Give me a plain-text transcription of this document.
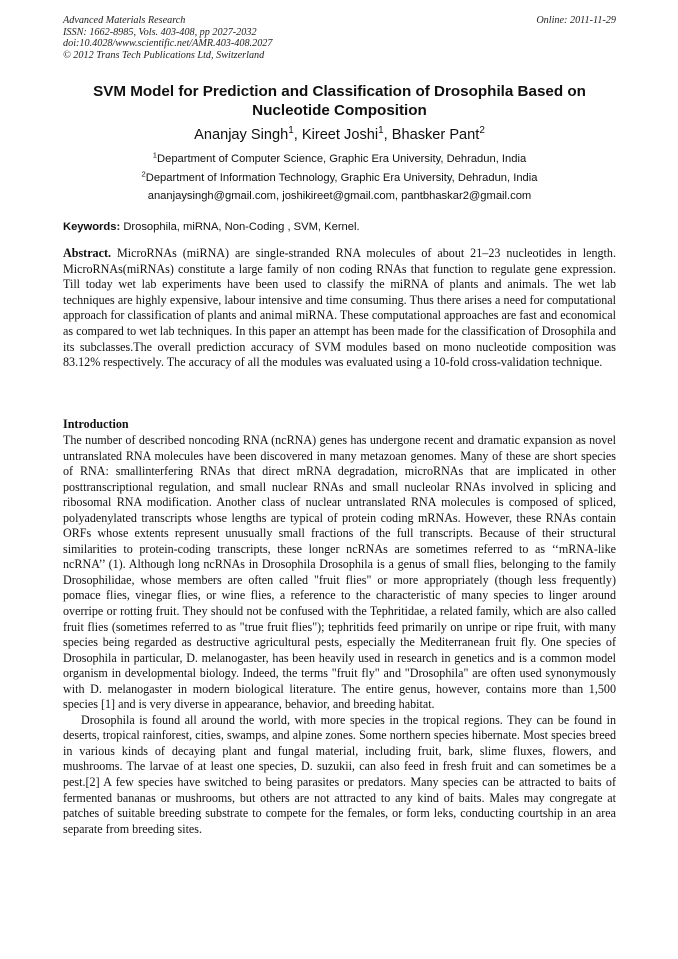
Advanced Materials Research
ISSN: 1662-8985, Vols. 403-408, pp 2027-2032
doi:10.4028/www.scientific.net/AMR.403-408.2027
© 2012 Trans Tech Publications Ltd, Switzerland
Online: 2011-11-29
SVM Model for Prediction and Classification of Drosophila Based on Nucleotide Composition
Ananjay Singh$^1$, Kireet Joshi$^1$, Bhasker Pant$^2$
$^1$Department of Computer Science, Graphic Era University, Dehradun, India
$^2$Department of Information Technology, Graphic Era University, Dehradun, India
ananjaysingh@gmail.com, joshikireet@gmail.com, pantbhaskar2@gmail.com
Keywords: Drosophila, miRNA, Non-Coding , SVM, Kernel.
Abstract. MicroRNAs (miRNA) are single-stranded RNA molecules of about 21–23 nucleotides in length. MicroRNAs(miRNAs) constitute a large family of non coding RNAs that function to regulate gene expression. Till today wet lab experiments have been used to classify the miRNA of plants and animals. The wet lab techniques are highly expensive, labour intensive and time consuming. Thus there arises a need for computational approach for classification of plants and animal miRNA. These computational approaches are fast and economical as compared to wet lab techniques. In this paper an attempt has been made for the classification of Drosophila and its subclasses.The overall prediction accuracy of SVM modules based on mono nucleotide composition was 83.12% respectively. The accuracy of all the modules was evaluated using a 10-fold cross-validation technique.
Introduction

The number of described noncoding RNA (ncRNA) genes has undergone recent and dramatic expansion as novel untranslated RNA molecules have been discovered in many metazoan genomes. Many of these are short species of RNA: smallinterfering RNAs that direct mRNA degradation, microRNAs that are implicated in other posttranscriptional regulation, and small nuclear RNAs and small nucleolar RNAs involved in splicing and ribosomal RNA modification. Another class of nuclear untranslated RNA molecules is composed of spliced, polyadenylated transcripts whose lengths are typical of protein coding mRNAs. However, these RNAs contain ORFs whose extents represent unusually small fractions of the full transcripts. Because of their structural similarities to protein-coding transcripts, these longer ncRNAs are sometimes referred to as ‘‘mRNA-like ncRNA’’ (1). Although long ncRNAs in Drosophila Drosophila is a genus of small flies, belonging to the family Drosophilidae, whose members are often called "fruit flies" or more appropriately (though less frequently) pomace flies, vinegar flies, or wine flies, a reference to the characteristic of many species to linger around overripe or rotting fruit. They should not be confused with the Tephritidae, a related family, which are also called fruit flies (sometimes referred to as "true fruit flies"); tephritids feed primarily on unripe or ripe fruit, with many species being regarded as destructive agricultural pests, especially the Mediterranean fruit fly. One species of Drosophila in particular, D. melanogaster, has been heavily used in research in genetics and is a common model organism in developmental biology. Indeed, the terms "fruit fly" and "Drosophila" are often used synonymously with D. melanogaster in modern biological literature. The entire genus, however, contains more than 1,500 species [1] and is very diverse in appearance, behavior, and breeding habitat.

Drosophila is found all around the world, with more species in the tropical regions. They can be found in deserts, tropical rainforest, cities, swamps, and alpine zones. Some northern species hibernate. Most species breed in various kinds of decaying plant and fungal material, including fruit, bark, slime fluxes, flowers, and mushrooms. The larvae of at least one species, D. suzukii, can also feed in fresh fruit and can sometimes be a pest.[2] A few species have switched to being parasites or predators. Many species can be attracted to baits of fermented bananas or mushrooms, but others are not attracted to any kind of baits. Males may congregate at patches of suitable breeding substrate to compete for the females, or form leks, conducting courtship in an area separate from breeding sites.
